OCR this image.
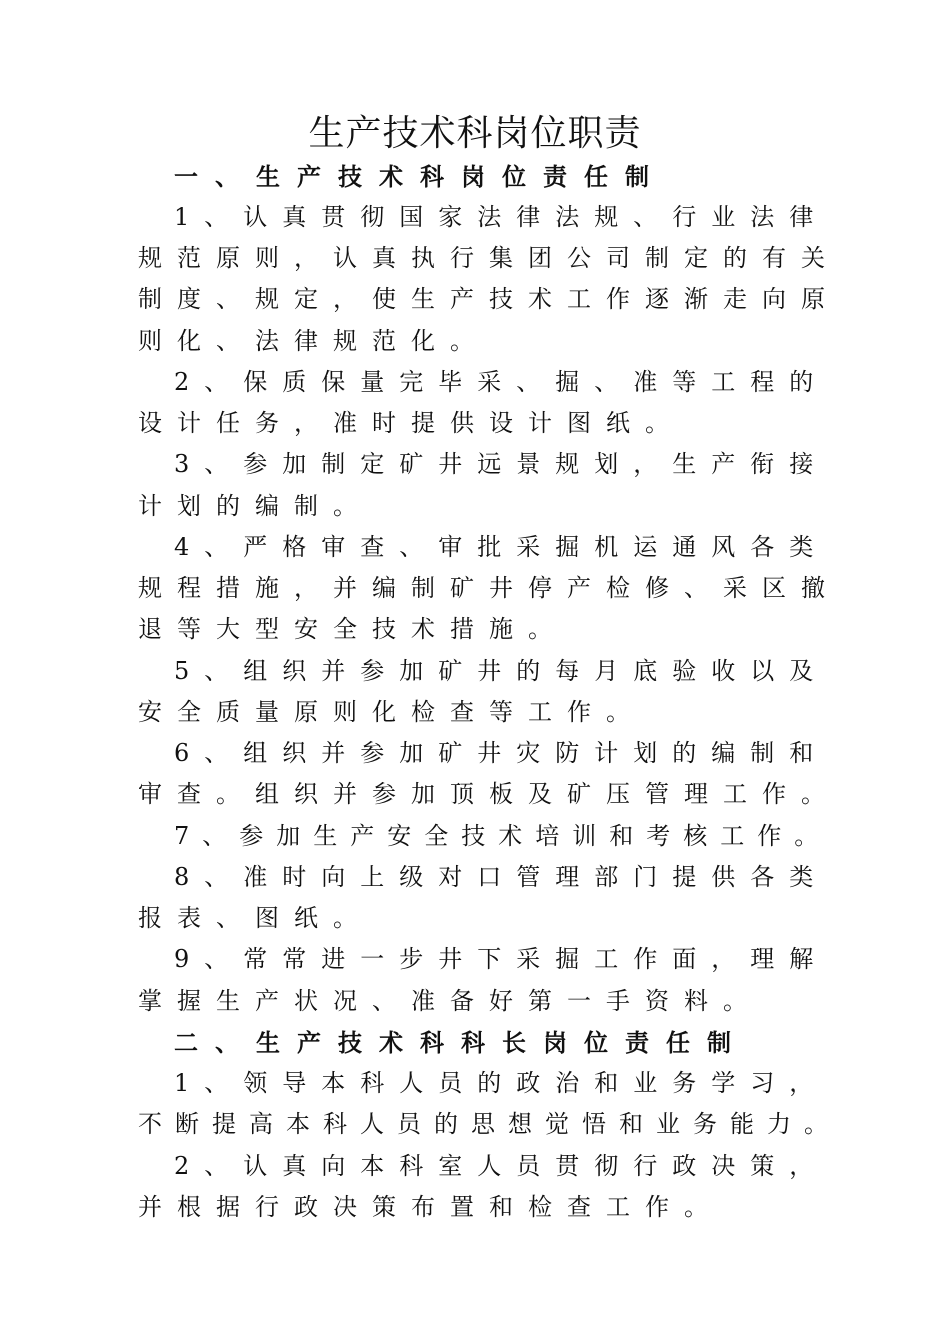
生产技术科岗位职责
一、生产技术科岗位责任制
1、认真贯彻国家法律法规、行业法律
规范原则，认真执行集团公司制定的有关
制度、规定，使生产技术工作逐渐走向原
则化、法律规范化。
2、保质保量完毕采、掘、准等工程的
设计任务，准时提供设计图纸。
3、参加制定矿井远景规划，生产衔接
计划的编制。
4、严格审查、审批采掘机运通风各类
规程措施，并编制矿井停产检修、采区撤
退等大型安全技术措施。
5、组织并参加矿井的每月底验收以及
安全质量原则化检查等工作。
6、组织并参加矿井灾防计划的编制和
审查。组织并参加顶板及矿压管理工作。
7、参加生产安全技术培训和考核工作。
8、准时向上级对口管理部门提供各类
报表、图纸。
9、常常进一步井下采掘工作面，理解
掌握生产状况、准备好第一手资料。
二、生产技术科科长岗位责任制
1、领导本科人员的政治和业务学习，
不断提高本科人员的思想觉悟和业务能力。
2、认真向本科室人员贯彻行政决策，
并根据行政决策布置和检查工作。
